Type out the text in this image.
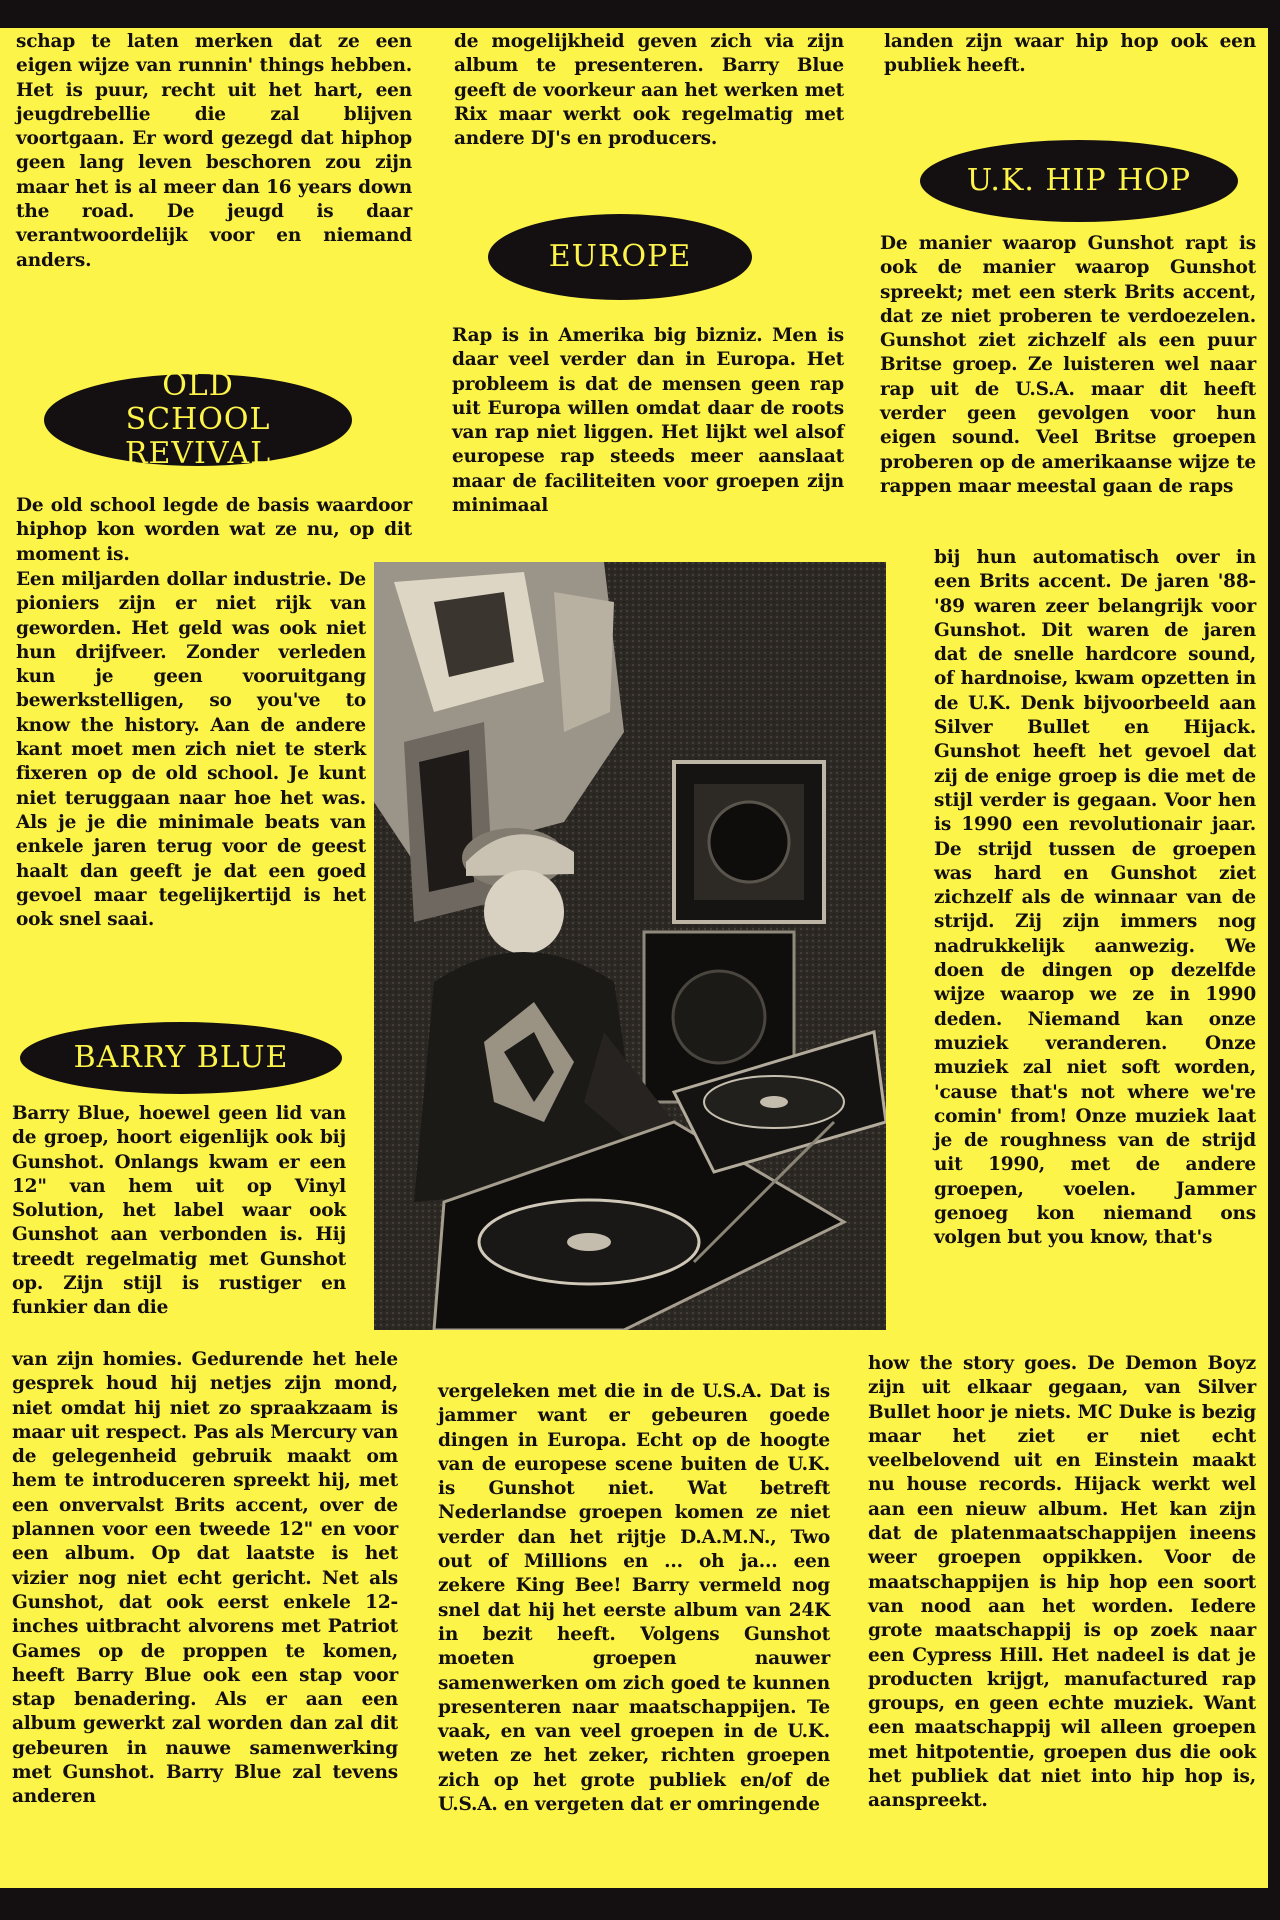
schap te laten merken dat ze een eigen wijze van runnin' things hebben. Het is puur, recht uit het hart, een jeugdrebellie die zal blijven voortgaan. Er word gezegd dat hiphop geen lang leven beschoren zou zijn maar het is al meer dan 16 years down the road. De jeugd is daar verantwoordelijk voor en niemand anders.

OLD SCHOOL REVIVAL

De old school legde de basis waardoor hiphop kon worden wat ze nu, op dit moment is.

Een miljarden dollar industrie. De pioniers zijn er niet rijk van geworden. Het geld was ook niet hun drijfveer. Zonder verleden kun je geen vooruitgang bewerkstelligen, so you've to know the history. Aan de andere kant moet men zich niet te sterk fixeren op de old school. Je kunt niet teruggaan naar hoe het was. Als je je die minimale beats van enkele jaren terug voor de geest haalt dan geeft je dat een goed gevoel maar tegelijkertijd is het ook snel saai.

BARRY BLUE

Barry Blue, hoewel geen lid van de groep, hoort eigenlijk ook bij Gunshot. Onlangs kwam er een 12" van hem uit op Vinyl Solution, het label waar ook Gunshot aan verbonden is. Hij treedt regelmatig met Gunshot op. Zijn stijl is rustiger en funkier dan die

van zijn homies. Gedurende het hele gesprek houd hij netjes zijn mond, niet omdat hij niet zo spraakzaam is maar uit respect. Pas als Mercury van de gelegenheid gebruik maakt om hem te introduceren spreekt hij, met een onvervalst Brits accent, over de plannen voor een tweede 12" en voor een album. Op dat laatste is het vizier nog niet echt gericht. Net als Gunshot, dat ook eerst enkele 12-inches uitbracht alvorens met Patriot Games op de proppen te komen, heeft Barry Blue ook een stap voor stap benadering. Als er aan een album gewerkt zal worden dan zal dit gebeuren in nauwe samenwerking met Gunshot. Barry Blue zal tevens anderen

de mogelijkheid geven zich via zijn album te presenteren. Barry Blue geeft de voorkeur aan het werken met Rix maar werkt ook regelmatig met andere DJ's en producers.

EUROPE

Rap is in Amerika big bizniz. Men is daar veel verder dan in Europa. Het probleem is dat de mensen geen rap uit Europa willen omdat daar de roots van rap niet liggen. Het lijkt wel alsof europese rap steeds meer aanslaat maar de faciliteiten voor groepen zijn minimaal

vergeleken met die in de U.S.A. Dat is jammer want er gebeuren goede dingen in Europa. Echt op de hoogte van de europese scene buiten de U.K. is Gunshot niet. Wat betreft Nederlandse groepen komen ze niet verder dan het rijtje D.A.M.N., Two out of Millions en ... oh ja... een zekere King Bee! Barry vermeld nog snel dat hij het eerste album van 24K in bezit heeft. Volgens Gunshot moeten groepen nauwer samenwerken om zich goed te kunnen presenteren naar maatschappijen. Te vaak, en van veel groepen in de U.K. weten ze het zeker, richten groepen zich op het grote publiek en/of de U.S.A. en vergeten dat er omringende

landen zijn waar hip hop ook een publiek heeft.

U.K. HIP HOP

De manier waarop Gunshot rapt is ook de manier waarop Gunshot spreekt; met een sterk Brits accent, dat ze niet proberen te verdoezelen. Gunshot ziet zichzelf als een puur Britse groep. Ze luisteren wel naar rap uit de U.S.A. maar dit heeft verder geen gevolgen voor hun eigen sound. Veel Britse groepen proberen op de amerikaanse wijze te rappen maar meestal gaan de raps

bij hun automatisch over in een Brits accent. De jaren '88-'89 waren zeer belangrijk voor Gunshot. Dit waren de jaren dat de snelle hardcore sound, of hardnoise, kwam opzetten in de U.K. Denk bijvoorbeeld aan Silver Bullet en Hijack. Gunshot heeft het gevoel dat zij de enige groep is die met de stijl verder is gegaan. Voor hen is 1990 een revolutionair jaar. De strijd tussen de groepen was hard en Gunshot ziet zichzelf als de winnaar van de strijd. Zij zijn immers nog nadrukkelijk aanwezig. We doen de dingen op dezelfde wijze waarop we ze in 1990 deden. Niemand kan onze muziek veranderen. Onze muziek zal niet soft worden, 'cause that's not where we're comin' from! Onze muziek laat je de roughness van de strijd uit 1990, met de andere groepen, voelen. Jammer genoeg kon niemand ons volgen but you know, that's

how the story goes. De Demon Boyz zijn uit elkaar gegaan, van Silver Bullet hoor je niets. MC Duke is bezig maar het ziet er niet echt veelbelovend uit en Einstein maakt nu house records. Hijack werkt wel aan een nieuw album. Het kan zijn dat de platenmaatschappijen ineens weer groepen oppikken. Voor de maatschappijen is hip hop een soort van nood aan het worden. Iedere grote maatschappij is op zoek naar een Cypress Hill. Het nadeel is dat je producten krijgt, manufactured rap groups, en geen echte muziek. Want een maatschappij wil alleen groepen met hitpotentie, groepen dus die ook het publiek dat niet into hip hop is, aanspreekt.
